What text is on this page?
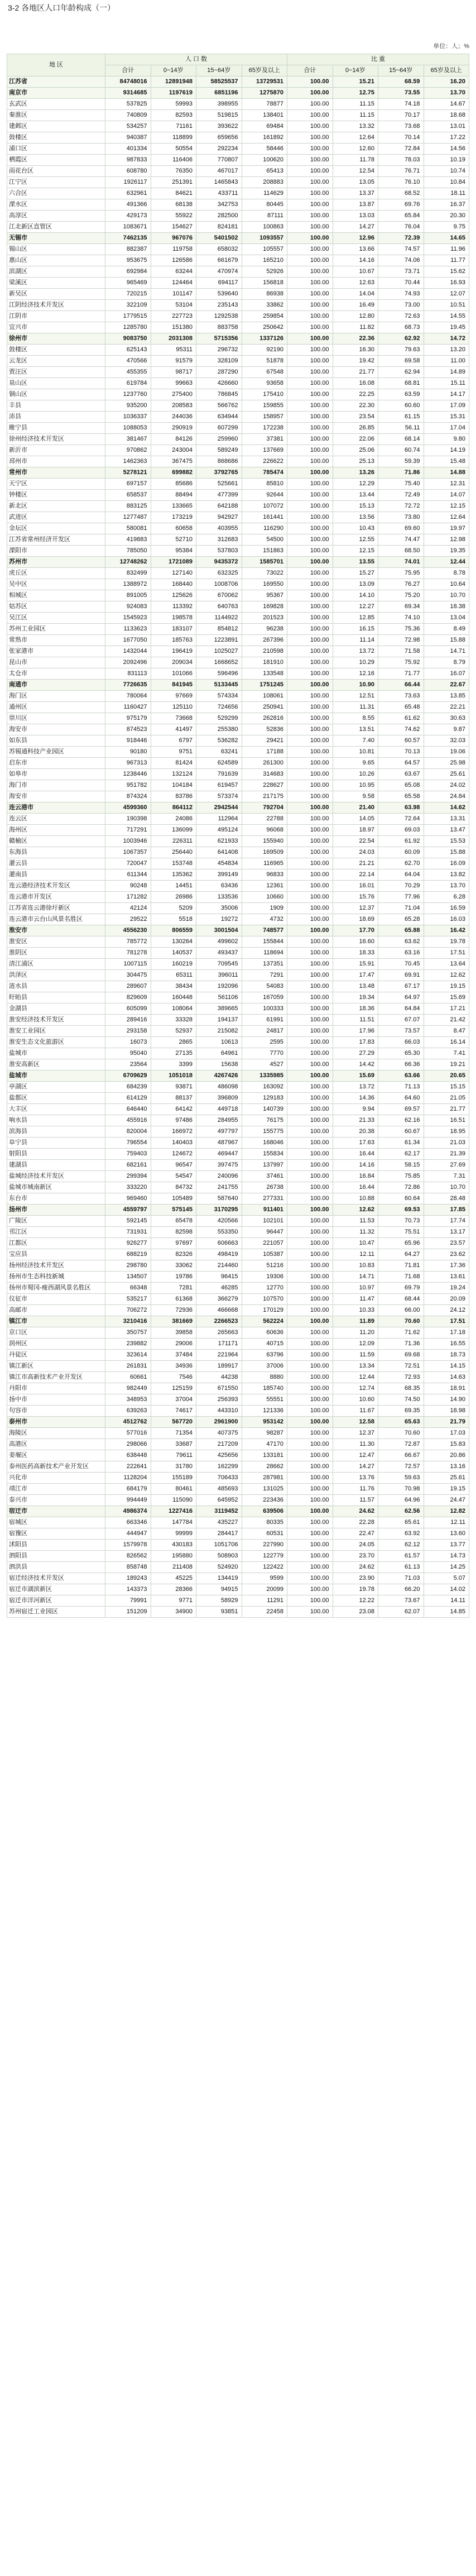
3-2 各地区人口年龄构成（一）
单位：人；%
地 区	人 口 数				比 重			
	合计	0~14岁	15~64岁	65岁及以上	合计	0~14岁	15~64岁	65岁及以上
江苏省	84748016	12891948	58525537	13729531	100.00	15.21	68.59	16.20
南京市	9314685	1197619	6851196	1275870	100.00	12.75	73.55	13.70
玄武区	537825	59993	398955	78877	100.00	11.15	74.18	14.67
秦淮区	740809	82593	519815	138401	100.00	11.15	70.17	18.68
建邺区	534257	71161	393622	69484	100.00	13.32	73.68	13.01
鼓楼区	940387	118899	659656	161892	100.00	12.64	70.14	17.22
浦口区	401334	50554	292234	58446	100.00	12.60	72.84	14.56
栖霞区	987833	116406	770807	100620	100.00	11.78	78.03	10.19
雨花台区	608780	76350	467017	65413	100.00	12.54	76.71	10.74
江宁区	1926117	251391	1465843	208883	100.00	13.05	76.10	10.84
六合区	632961	84621	433711	114629	100.00	13.37	68.52	18.11
溧水区	491366	68138	342753	80445	100.00	13.87	69.76	16.37
高淳区	429173	55922	282500	87111	100.00	13.03	65.84	20.30
江北新区直管区	1083671	154627	824181	100863	100.00	14.27	76.04	9.75
无锡市	7462135	967076	5401502	1093557	100.00	12.96	72.39	14.65
锡山区	882387	119758	658032	105557	100.00	13.66	74.57	11.96
惠山区	953675	126586	661679	165210	100.00	14.16	74.06	11.77
滨湖区	692984	63244	470974	52926	100.00	10.67	73.71	15.62
梁溪区	965469	124464	694117	156818	100.00	12.63	70.44	16.93
新吴区	720215	101147	539640	86938	100.00	14.04	74.93	12.07
江阴经济技术开发区	322109	53104	235143	33862	100.00	16.49	73.00	10.51
江阴市	1779515	227723	1292538	259854	100.00	12.80	72.63	14.55
宜兴市	1285780	151380	883758	250642	100.00	11.82	68.73	19.45
徐州市	9083750	2031308	5715356	1337126	100.00	22.36	62.92	14.72
鼓楼区	625143	95311	296732	92190	100.00	16.30	79.63	13.20
云龙区	470566	91579	328109	51878	100.00	19.42	69.58	11.00
贾汪区	455355	98717	287290	67548	100.00	21.77	62.94	14.89
泉山区	619784	99663	426660	93658	100.00	16.08	68.81	15.11
铜山区	1237760	275400	786845	175410	100.00	22.25	63.59	14.17
丰县	935200	208583	566762	159855	100.00	22.30	60.60	17.09
沛县	1036337	244036	634944	158957	100.00	23.54	61.15	15.31
睢宁县	1088053	290919	607299	172238	100.00	26.85	56.11	17.04
徐州经济技术开发区	381467	84126	259960	37381	100.00	22.06	68.14	9.80
新沂市	970862	243004	589249	137669	100.00	25.06	60.74	14.19
邳州市	1462363	367475	868686	226622	100.00	25.13	59.39	15.48
常州市	5278121	699882	3792765	785474	100.00	13.26	71.86	14.88
天宁区	697157	85686	525661	85810	100.00	12.29	75.40	12.31
钟楼区	658537	88494	477399	92644	100.00	13.44	72.49	14.07
新北区	883125	133665	642188	107072	100.00	15.13	72.72	12.15
武进区	1277487	173219	942927	161441	100.00	13.56	73.80	12.64
金坛区	580081	60658	403955	116290	100.00	10.43	69.60	19.97
江苏省常州经济开发区	419883	52710	312683	54500	100.00	12.55	74.47	12.98
溧阳市	785050	95384	537803	151863	100.00	12.15	68.50	19.35
苏州市	12748262	1721089	9435372	1585701	100.00	13.55	74.01	12.44
虎丘区	832499	127140	632325	73022	100.00	15.27	75.95	8.78
吴中区	1388972	168440	1008706	169550	100.00	13.09	76.27	10.64
相城区	891005	125626	670062	95367	100.00	14.10	75.20	10.70
姑苏区	924083	113392	640763	169828	100.00	12.27	69.34	18.38
吴江区	1545923	198578	1144922	201523	100.00	12.85	74.10	13.04
苏州工业园区	1133623	183107	854812	96238	100.00	16.15	75.36	8.49
常熟市	1677050	185763	1223891	267396	100.00	11.14	72.98	15.88
张家港市	1432044	196419	1025027	210598	100.00	13.72	71.58	14.71
昆山市	2092496	209034	1668652	181910	100.00	10.29	75.92	8.79
太仓市	831113	101066	596496	133548	100.00	12.16	71.77	16.07
南通市	7726635	841945	5133445	1751245	100.00	10.90	66.44	22.67
海门区	780064	97669	574334	108061	100.00	12.51	73.63	13.85
通州区	1160427	125110	724656	250941	100.00	11.31	65.48	22.21
崇川区	975179	73668	529299	262816	100.00	8.55	61.62	30.63
海安市	874523	41497	255380	52836	100.00	13.51	74.62	9.87
如东县	918446	6797	536282	29421	100.00	7.40	60.57	32.03
苏锡通科技产业园区	90180	9751	63241	17188	100.00	10.81	70.13	19.06
启东市	967313	81424	624589	261300	100.00	9.65	64.57	25.98
如皋市	1238446	132124	791639	314683	100.00	10.26	63.67	25.61
海门市	951782	104184	619457	228627	100.00	10.95	65.08	24.02
海安市	874324	83786	573374	217175	100.00	9.58	65.58	24.84
连云港市	4599360	864112	2942544	792704	100.00	21.40	63.98	14.62
连云区	190398	24086	112964	22788	100.00	14.05	72.64	13.31
海州区	717291	136099	495124	96068	100.00	18.97	69.03	13.47
赣榆区	1003946	226311	621933	155940	100.00	22.54	61.92	15.53
东海县	1067357	256440	641408	169509	100.00	24.03	60.09	15.88
灌云县	720047	153748	454834	116965	100.00	21.21	62.70	16.09
灌南县	611344	135362	399149	96833	100.00	22.14	64.04	13.82
连云港经济技术开发区	90248	14451	63436	12361	100.00	16.01	70.29	13.70
连云港市开发区	171282	26986	133536	10660	100.00	15.76	77.96	6.28
江苏省连云港徐圩新区	42124	5209	35006	1909	100.00	12.37	71.04	16.59
连云港市云台山风景名胜区	29522	5518	19272	4732	100.00	18.69	65.28	16.03
淮安市	4556230	806559	3001504	748577	100.00	17.70	65.88	16.42
淮安区	785772	130264	499602	155844	100.00	16.60	63.62	19.78
淮阴区	781278	140537	493437	118694	100.00	18.33	63.16	17.51
清江浦区	1007115	160219	709545	137351	100.00	15.91	70.45	13.64
洪泽区	304475	65311	396011	7291	100.00	17.47	69.91	12.62
涟水县	289607	38434	192096	54083	100.00	13.48	67.17	19.15
盱眙县	829609	160448	561106	167059	100.00	19.34	64.97	15.69
金湖县	605099	108064	389665	100333	100.00	18.36	64.84	17.21
淮安经济技术开发区	289416	33328	194137	61991	100.00	11.51	67.07	21.42
淮安工业园区	293158	52937	215082	24817	100.00	17.96	73.57	8.47
淮安生态文化旅游区	16073	2865	10613	2595	100.00	17.83	66.03	16.14
盐城市	95040	27135	64961	7770	100.00	27.29	65.30	7.41
淮安高新区	23564	3399	15638	4527	100.00	14.42	66.36	19.21
盐城市	6709629	1051018	4267426	1335985	100.00	15.69	63.66	20.65
亭湖区	684239	93871	486098	163092	100.00	13.72	71.13	15.15
盐都区	614129	88137	396809	129183	100.00	14.36	64.60	21.05
大丰区	646440	64142	449718	140739	100.00	9.94	69.57	21.77
响水县	455916	97486	284955	76175	100.00	21.33	62.16	16.51
滨海县	820004	166972	497797	155775	100.00	20.38	60.67	18.95
阜宁县	796554	140403	487967	168046	100.00	17.63	61.34	21.03
射阳县	759403	124672	469447	155834	100.00	16.44	62.17	21.39
建湖县	682161	96547	397475	137997	100.00	14.16	58.15	27.69
盐城经济技术开发区	299394	54547	240096	37461	100.00	16.84	75.85	7.31
盐城市城南新区	333220	84732	241755	26738	100.00	16.44	72.86	10.70
东台市	969460	105489	587640	277331	100.00	10.88	60.64	28.48
扬州市	4559797	575145	3170295	911401	100.00	12.62	69.53	17.85
广陵区	592145	65478	420566	102101	100.00	11.53	70.73	17.74
邗江区	731931	82598	553350	96447	100.00	11.32	75.51	13.17
江都区	926277	97697	606663	221057	100.00	10.47	65.96	23.57
宝应县	688219	82326	498419	105387	100.00	12.11	64.27	23.62
扬州经济技术开发区	298780	33062	214460	51216	100.00	10.83	71.81	17.36
扬州市生态科技新城	134507	19786	96415	19306	100.00	14.71	71.68	13.61
扬州市蜀冈-瘦西湖风景名胜区	66348	7281	46285	12770	100.00	10.97	69.79	19.24
仪征市	535217	61368	366279	107570	100.00	11.47	68.44	20.09
高邮市	706272	72936	466668	170129	100.00	10.33	66.00	24.12
镇江市	3210416	381669	2266523	562224	100.00	11.89	70.60	17.51
京口区	350757	39858	265663	60636	100.00	11.20	71.62	17.18
润州区	239882	29006	171171	40715	100.00	12.09	71.36	16.55
丹徒区	323614	37484	221964	63796	100.00	11.59	69.68	18.73
镇江新区	261831	34936	189917	37006	100.00	13.34	72.51	14.15
镇江市高新技术产业开发区	60661	7546	44238	8880	100.00	12.44	72.93	14.63
丹阳市	982449	125159	671550	185740	100.00	12.74	68.35	18.91
扬中市	348953	37004	256393	55551	100.00	10.60	74.50	14.90
句容市	639263	74617	443310	121336	100.00	11.67	69.35	18.98
泰州市	4512762	567720	2961900	953142	100.00	12.58	65.63	21.79
海陵区	577016	71354	407375	98287	100.00	12.37	70.60	17.03
高港区	298066	33687	217209	47170	100.00	11.30	72.87	15.83
姜堰区	638448	79611	425656	133181	100.00	12.47	66.67	20.86
泰州医药高新技术产业开发区	222641	31780	162299	28662	100.00	14.27	72.57	13.16
兴化市	1128204	155189	706433	287981	100.00	13.76	59.63	25.61
靖江市	684179	80461	485693	131025	100.00	11.76	70.98	19.15
泰兴市	994449	115090	645952	223436	100.00	11.57	64.96	24.47
宿迁市	4986374	1227416	3119452	639506	100.00	24.62	62.56	12.82
宿城区	663346	147784	435227	80335	100.00	22.28	65.61	12.11
宿豫区	444947	99999	284417	60531	100.00	22.47	63.92	13.60
沭阳县	1579978	430183	1051706	227990	100.00	24.05	62.12	13.77
泗阳县	826562	195880	508903	122779	100.00	23.70	61.57	14.73
泗洪县	858748	211408	524920	122422	100.00	24.62	61.13	14.25
宿迁经济技术开发区	189243	45225	134419	9599	100.00	23.90	71.03	5.07
宿迁市湖滨新区	143373	28366	94915	20099	100.00	19.78	66.20	14.02
宿迁市洋河新区	79991	9771	58929	11291	100.00	12.22	73.67	14.11
苏州宿迁工业园区	151209	34900	93851	22458	100.00	23.08	62.07	14.85
